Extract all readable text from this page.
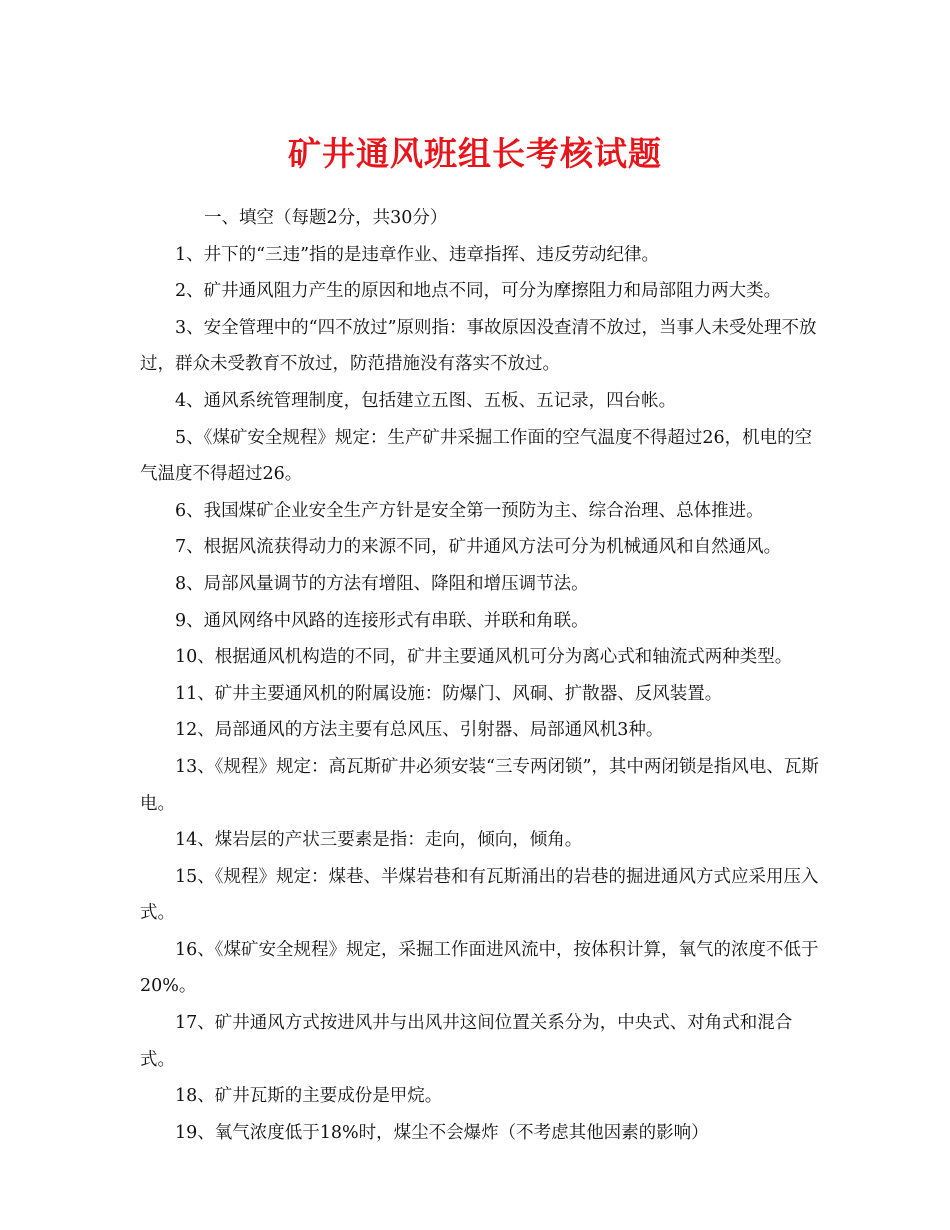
矿井通风班组长考核试题

一、填空（每题2分，共30分）

1、井下的“三违”指的是违章作业、违章指挥、违反劳动纪律。

2、矿井通风阻力产生的原因和地点不同，可分为摩擦阻力和局部阻力两大类。

3、安全管理中的“四不放过”原则指：事故原因没查清不放过，当事人未受处理不放过，群众未受教育不放过，防范措施没有落实不放过。

4、通风系统管理制度，包括建立五图、五板、五记录，四台帐。

5、《煤矿安全规程》规定：生产矿井采掘工作面的空气温度不得超过26，机电的空气温度不得超过26。

6、我国煤矿企业安全生产方针是安全第一预防为主、综合治理、总体推进。

7、根据风流获得动力的来源不同，矿井通风方法可分为机械通风和自然通风。

8、局部风量调节的方法有增阻、降阻和增压调节法。

9、通风网络中风路的连接形式有串联、并联和角联。

10、根据通风机构造的不同，矿井主要通风机可分为离心式和轴流式两种类型。

11、矿井主要通风机的附属设施：防爆门、风硐、扩散器、反风装置。

12、局部通风的方法主要有总风压、引射器、局部通风机3种。

13、《规程》规定：高瓦斯矿井必须安装“三专两闭锁”，其中两闭锁是指风电、瓦斯电。

14、煤岩层的产状三要素是指：走向，倾向，倾角。

15、《规程》规定：煤巷、半煤岩巷和有瓦斯涌出的岩巷的掘进通风方式应采用压入式。

16、《煤矿安全规程》规定，采掘工作面进风流中，按体积计算，氧气的浓度不低于20%。

17、矿井通风方式按进风井与出风井这间位置关系分为，中央式、对角式和混合式。

18、矿井瓦斯的主要成份是甲烷。

19、氧气浓度低于18%时，煤尘不会爆炸（不考虑其他因素的影响）
